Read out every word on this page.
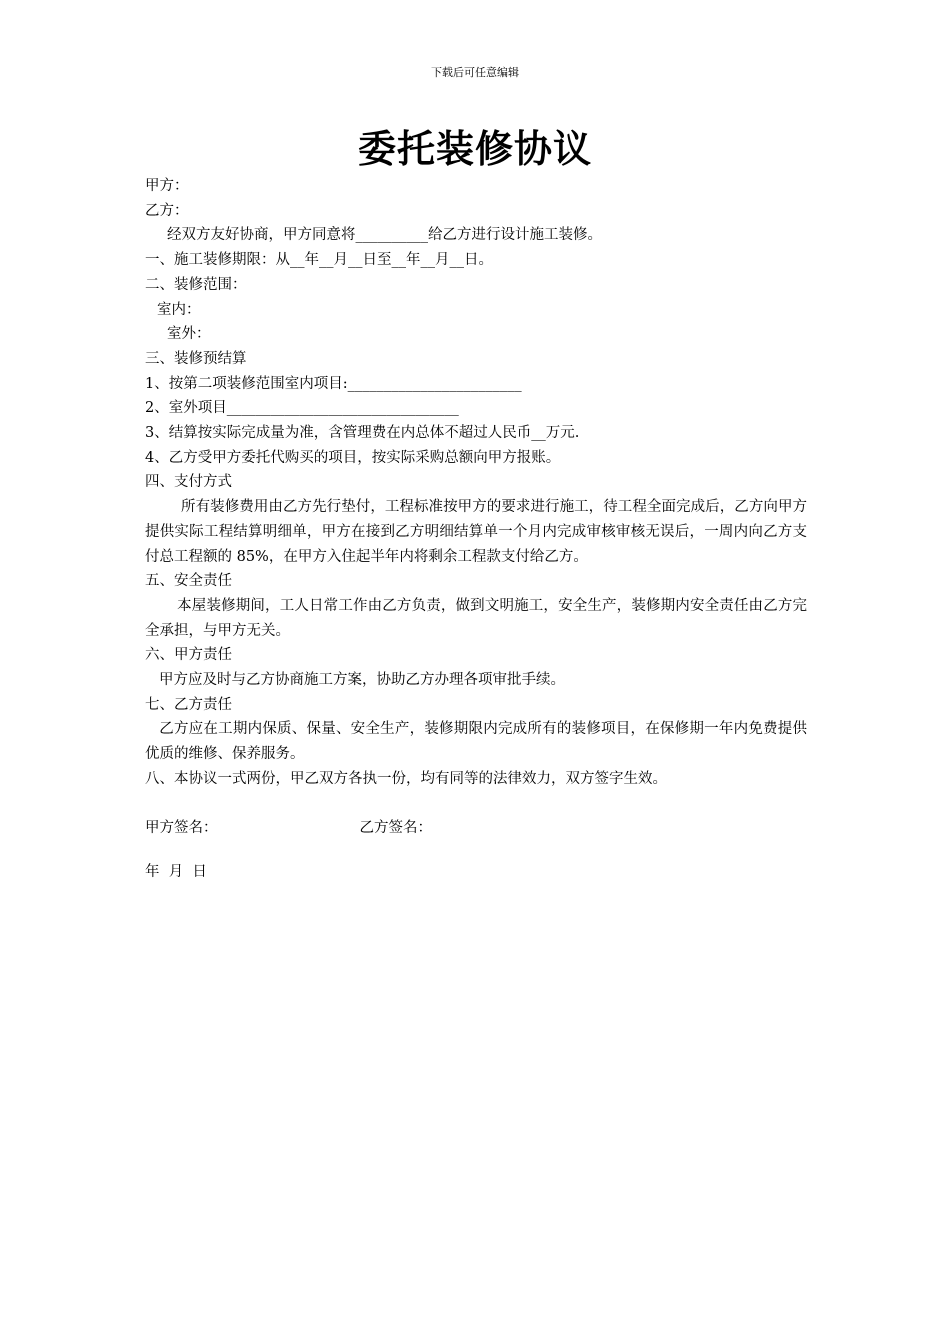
下载后可任意编辑
委托装修协议
甲方：
乙方：
经双方友好协商，甲方同意将__________给乙方进行设计施工装修。
一、施工装修期限：从__年__月__日至__年__月__日。
二、装修范围：
室内：
室外：
三、装修预结算
1、按第二项装修范围室内项目:________________________
2、室外项目________________________________
3、结算按实际完成量为准，含管理费在内总体不超过人民币__万元.
4、乙方受甲方委托代购买的项目，按实际采购总额向甲方报账。
四、支付方式
所有装修费用由乙方先行垫付，工程标准按甲方的要求进行施工，待工程全面完成后，乙方向甲方提供实际工程结算明细单，甲方在接到乙方明细结算单一个月内完成审核审核无误后，一周内向乙方支付总工程额的 85%，在甲方入住起半年内将剩余工程款支付给乙方。
五、安全责任
本屋装修期间，工人日常工作由乙方负责，做到文明施工，安全生产，装修期内安全责任由乙方完全承担，与甲方无关。
六、甲方责任
甲方应及时与乙方协商施工方案，协助乙方办理各项审批手续。
七、乙方责任
乙方应在工期内保质、保量、安全生产，装修期限内完成所有的装修项目，在保修期一年内免费提供优质的维修、保养服务。
八、本协议一式两份，甲乙双方各执一份，均有同等的法律效力，双方签字生效。
甲方签名：	乙方签名：
年  月  日
